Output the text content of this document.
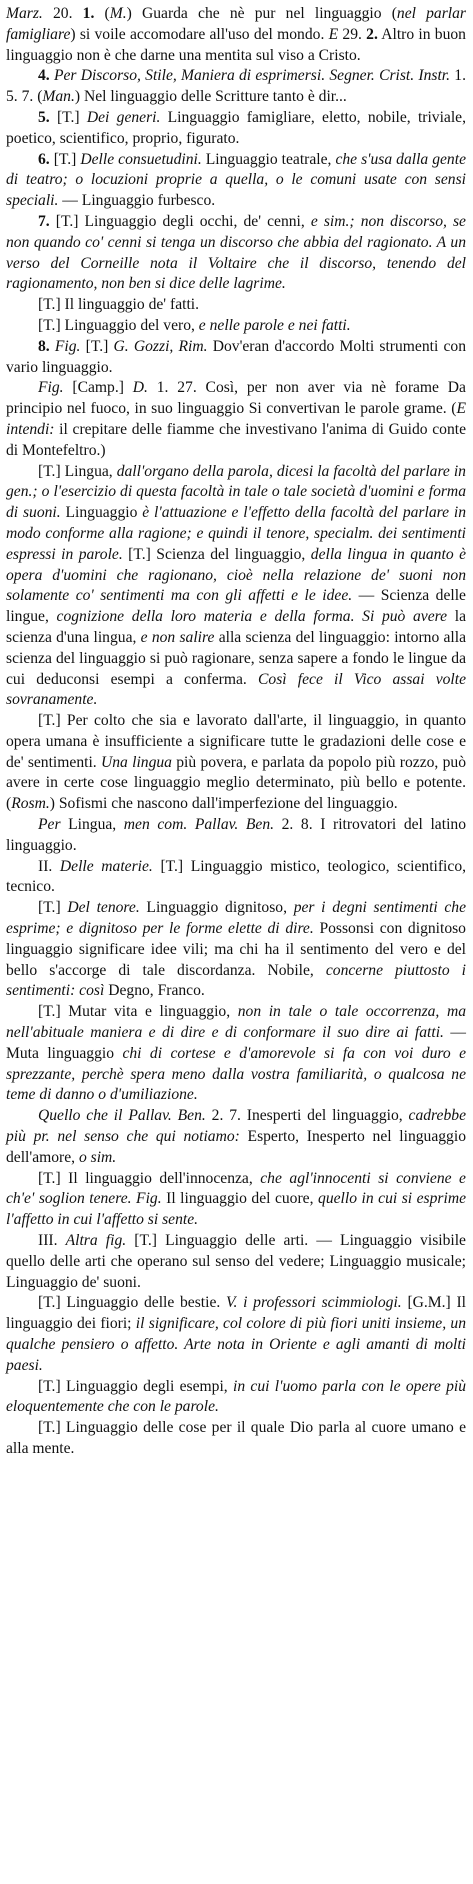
Marz. 20. 1. (M.) Guarda che nè pur nel linguaggio (nel parlar famigliare) si voile accomodare all'uso del mondo. E 29. 2. Altro in buon linguaggio non è che darne una mentita sul viso a Cristo.

4. Per Discorso, Stile, Maniera di esprimersi. Segner. Crist. Instr. 1. 5. 7. (Man.) Nel linguaggio delle Scritture tanto è dir...

5. [T.] Dei generi. Linguaggio famigliare, eletto, nobile, triviale, poetico, scientifico, proprio, figurato.

6. [T.] Delle consuetudini. Linguaggio teatrale, che s'usa dalla gente di teatro; o locuzioni proprie a quella, o le comuni usate con sensi speciali. — Linguaggio furbesco.

7. [T.] Linguaggio degli occhi, de' cenni, e sim.; non discorso, se non quando co' cenni si tenga un discorso che abbia del ragionato. A un verso del Corneille nota il Voltaire che il discorso, tenendo del ragionamento, non ben si dice delle lagrime.

[T.] Il linguaggio de' fatti.

[T.] Linguaggio del vero, e nelle parole e nei fatti.

8. Fig. [T.] G. Gozzi, Rim. Dov'eran d'accordo Molti strumenti con vario linguaggio.

Fig. [Camp.] D. 1. 27. Così, per non aver via nè forame Da principio nel fuoco, in suo linguaggio Si convertivan le parole grame. (E intendi: il crepitare delle fiamme che investivano l'anima di Guido conte di Montefeltro.)

[T.] Lingua, dall'organo della parola, dicesi la facoltà del parlare in gen.; o l'esercizio di questa facoltà in tale o tale società d'uomini e forma di suoni. Linguaggio è l'attuazione e l'effetto della facoltà del parlare in modo conforme alla ragione; e quindi il tenore, specialm. dei sentimenti espressi in parole. [T.] Scienza del linguaggio, della lingua in quanto è opera d'uomini che ragionano, cioè nella relazione de' suoni non solamente co' sentimenti ma con gli affetti e le idee. — Scienza delle lingue, cognizione della loro materia e della forma. Si può avere la scienza d'una lingua, e non salire alla scienza del linguaggio: intorno alla scienza del linguaggio si può ragionare, senza sapere a fondo le lingue da cui deduconsi esempi a conferma. Così fece il Vico assai volte sovranamente.

[T.] Per colto che sia e lavorato dall'arte, il linguaggio, in quanto opera umana è insufficiente a significare tutte le gradazioni delle cose e de' sentimenti. Una lingua più povera, e parlata da popolo più rozzo, può avere in certe cose linguaggio meglio determinato, più bello e potente. (Rosm.) Sofismi che nascono dall'imperfezione del linguaggio.

Per Lingua, men com. Pallav. Ben. 2. 8. I ritrovatori del latino linguaggio.

II. Delle materie. [T.] Linguaggio mistico, teologico, scientifico, tecnico.

[T.] Del tenore. Linguaggio dignitoso, per i degni sentimenti che esprime; e dignitoso per le forme elette di dire. Possonsi con dignitoso linguaggio significare idee vili; ma chi ha il sentimento del vero e del bello s'accorge di tale discordanza. Nobile, concerne piuttosto i sentimenti: così Degno, Franco.

[T.] Mutar vita e linguaggio, non in tale o tale occorrenza, ma nell'abituale maniera e di dire e di conformare il suo dire ai fatti. — Muta linguaggio chi di cortese e d'amorevole si fa con voi duro e sprezzante, perchè spera meno dalla vostra familiarità, o qualcosa ne teme di danno o d'umiliazione.

Quello che il Pallav. Ben. 2. 7. Inesperti del linguaggio, cadrebbe più pr. nel senso che qui notiamo: Esperto, Inesperto nel linguaggio dell'amore, o sim.

[T.] Il linguaggio dell'innocenza, che agl'innocenti si conviene e ch'e' soglion tenere. Fig. Il linguaggio del cuore, quello in cui si esprime l'affetto in cui l'affetto si sente.

III. Altra fig. [T.] Linguaggio delle arti. — Linguaggio visibile quello delle arti che operano sul senso del vedere; Linguaggio musicale; Linguaggio de' suoni.

[T.] Linguaggio delle bestie. V. i professori scimmiologi. [G.M.] Il linguaggio dei fiori; il significare, col colore di più fiori uniti insieme, un qualche pensiero o affetto. Arte nota in Oriente e agli amanti di molti paesi.

[T.] Linguaggio degli esempi, in cui l'uomo parla con le opere più eloquentemente che con le parole.

[T.] Linguaggio delle cose per il quale Dio parla al cuore umano e alla mente.
